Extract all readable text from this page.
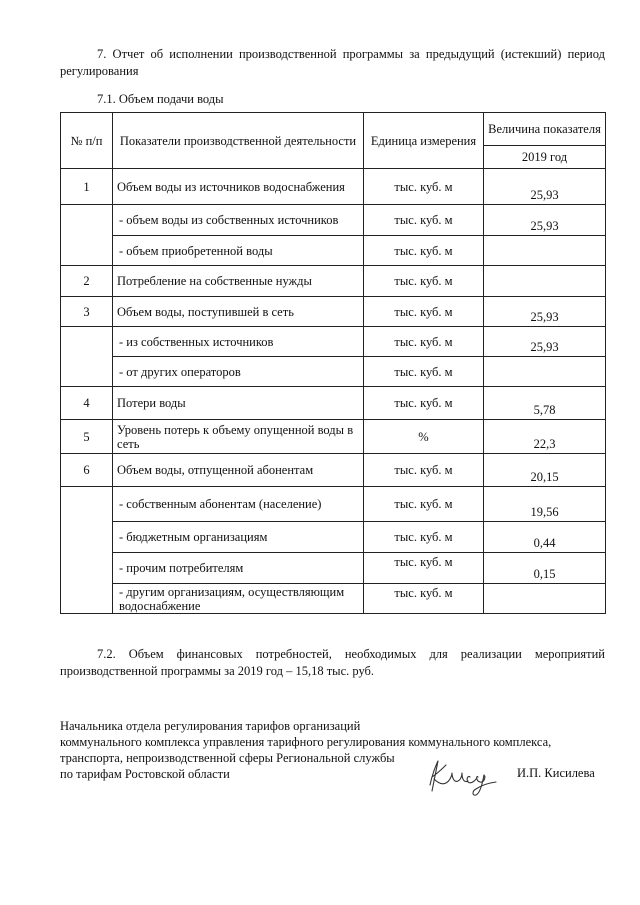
7. Отчет об исполнении производственной программы за предыдущий (истекший) период регулирования
7.1. Объем подачи воды
№ п/п	Показатели производственной деятельности	Единица измерения	Величина показателя
			2019 год
1	Объем воды из источников водоснабжения	тыс. куб. м	25,93
	- объем воды из собственных источников	тыс. куб. м	25,93
	- объем приобретенной воды	тыс. куб. м	
2	Потребление на собственные нужды	тыс. куб. м	
3	Объем воды, поступившей в сеть	тыс. куб. м	25,93
	- из собственных источников	тыс. куб. м	25,93
	- от других операторов	тыс. куб. м	
4	Потери воды	тыс. куб. м	5,78
5	Уровень потерь к объему опущенной воды в сеть	%	22,3
6	Объем воды, отпущенной абонентам	тыс. куб. м	20,15
	- собственным абонентам (население)	тыс. куб. м	19,56
	- бюджетным организациям	тыс. куб. м	0,44
	- прочим потребителям	тыс. куб. м	0,15
	- другим организациям, осуществляющим водоснабжение	тыс. куб. м	
7.2. Объем финансовых потребностей, необходимых для реализации мероприятий производственной программы за 2019 год – 15,18 тыс. руб.
Начальника отдела регулирования тарифов организаций
коммунального комплекса управления тарифного регулирования коммунального комплекса,
транспорта, непроизводственной сферы Региональной службы
по тарифам Ростовской области	И.П. Кисилева
